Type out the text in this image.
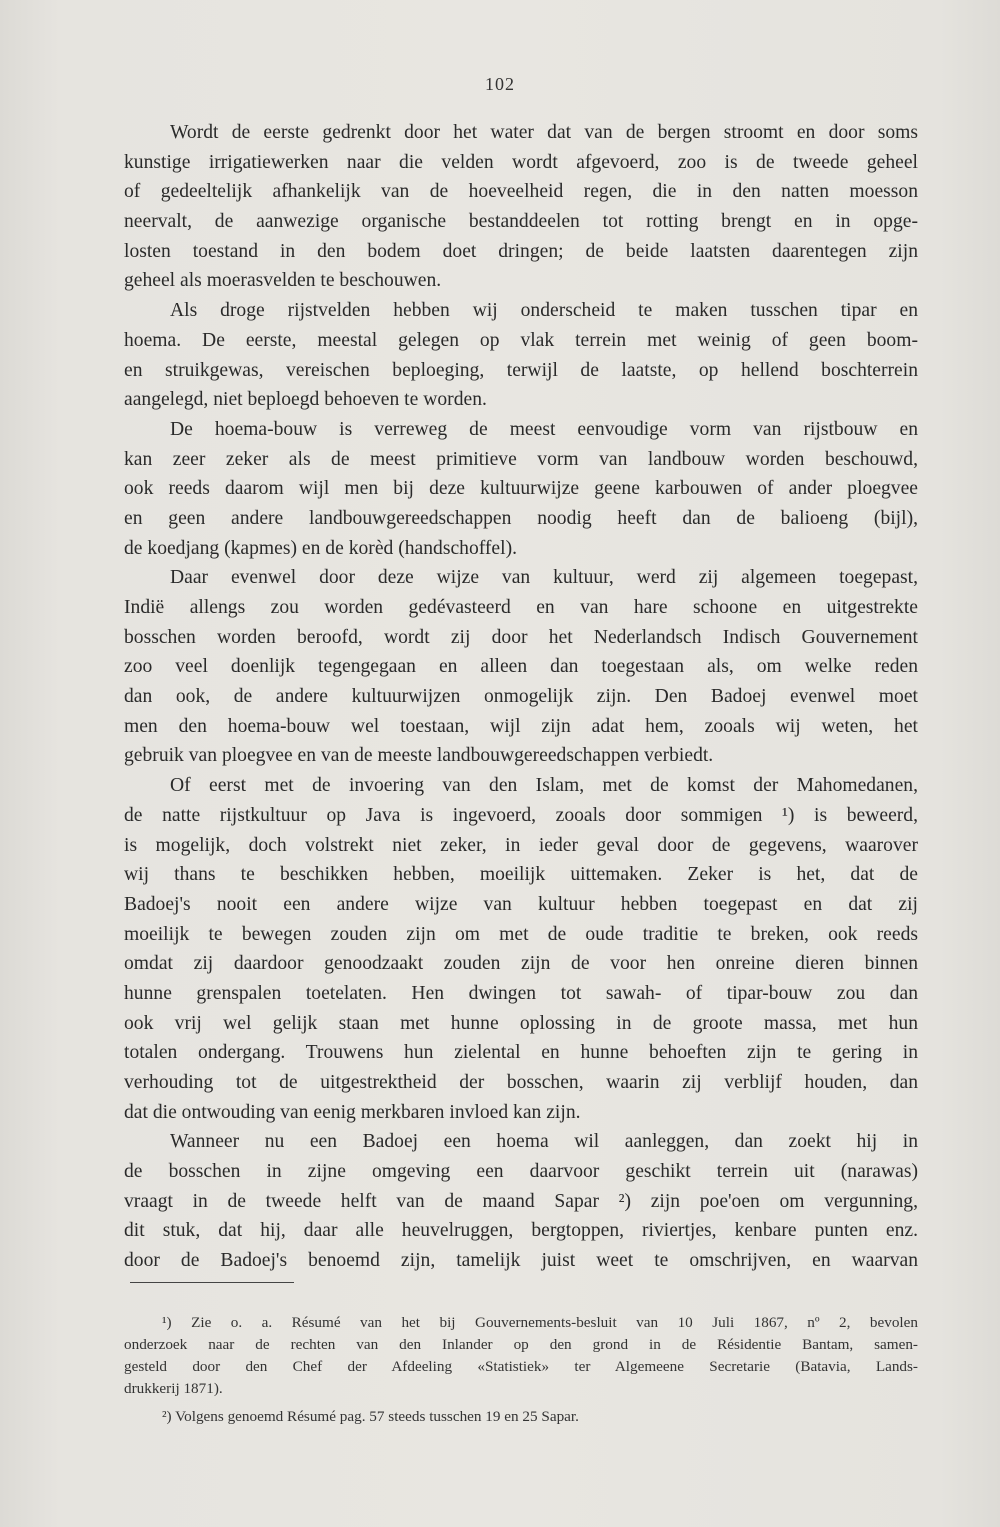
102
Wordt de eerste gedrenkt door het water dat van de bergen stroomt en door soms
kunstige irrigatiewerken naar die velden wordt afgevoerd, zoo is de tweede geheel
of gedeeltelijk afhankelijk van de hoeveelheid regen, die in den natten moesson
neervalt, de aanwezige organische bestanddeelen tot rotting brengt en in opge-
losten toestand in den bodem doet dringen; de beide laatsten daarentegen zijn
geheel als moerasvelden te beschouwen.
Als droge rijstvelden hebben wij onderscheid te maken tusschen tipar en
hoema. De eerste, meestal gelegen op vlak terrein met weinig of geen boom-
en struikgewas, vereischen beploeging, terwijl de laatste, op hellend boschterrein
aangelegd, niet beploegd behoeven te worden.
De hoema-bouw is verreweg de meest eenvoudige vorm van rijstbouw en
kan zeer zeker als de meest primitieve vorm van landbouw worden beschouwd,
ook reeds daarom wijl men bij deze kultuurwijze geene karbouwen of ander ploegvee
en geen andere landbouwgereedschappen noodig heeft dan de balioeng (bijl),
de koedjang (kapmes) en de korèd (handschoffel).
Daar evenwel door deze wijze van kultuur, werd zij algemeen toegepast,
Indië allengs zou worden gedévasteerd en van hare schoone en uitgestrekte
bosschen worden beroofd, wordt zij door het Nederlandsch Indisch Gouvernement
zoo veel doenlijk tegengegaan en alleen dan toegestaan als, om welke reden
dan ook, de andere kultuurwijzen onmogelijk zijn. Den Badoej evenwel moet
men den hoema-bouw wel toestaan, wijl zijn adat hem, zooals wij weten, het
gebruik van ploegvee en van de meeste landbouwgereedschappen verbiedt.
Of eerst met de invoering van den Islam, met de komst der Mahomedanen,
de natte rijstkultuur op Java is ingevoerd, zooals door sommigen ¹) is beweerd,
is mogelijk, doch volstrekt niet zeker, in ieder geval door de gegevens, waarover
wij thans te beschikken hebben, moeilijk uittemaken. Zeker is het, dat de
Badoej's nooit een andere wijze van kultuur hebben toegepast en dat zij
moeilijk te bewegen zouden zijn om met de oude traditie te breken, ook reeds
omdat zij daardoor genoodzaakt zouden zijn de voor hen onreine dieren binnen
hunne grenspalen toetelaten. Hen dwingen tot sawah- of tipar-bouw zou dan
ook vrij wel gelijk staan met hunne oplossing in de groote massa, met hun
totalen ondergang. Trouwens hun zielental en hunne behoeften zijn te gering in
verhouding tot de uitgestrektheid der bosschen, waarin zij verblijf houden, dan
dat die ontwouding van eenig merkbaren invloed kan zijn.
Wanneer nu een Badoej een hoema wil aanleggen, dan zoekt hij in
de bosschen in zijne omgeving een daarvoor geschikt terrein uit (narawas)
vraagt in de tweede helft van de maand Sapar ²) zijn poe'oen om vergunning,
dit stuk, dat hij, daar alle heuvelruggen, bergtoppen, riviertjes, kenbare punten enz.
door de Badoej's benoemd zijn, tamelijk juist weet te omschrijven, en waarvan
¹) Zie o. a. Résumé van het bij Gouvernements-besluit van 10 Juli 1867, nº 2, bevolen
onderzoek naar de rechten van den Inlander op den grond in de Résidentie Bantam, samen-
gesteld door den Chef der Afdeeling «Statistiek» ter Algemeene Secretarie (Batavia, Lands-
drukkerij 1871).
²) Volgens genoemd Résumé pag. 57 steeds tusschen 19 en 25 Sapar.
